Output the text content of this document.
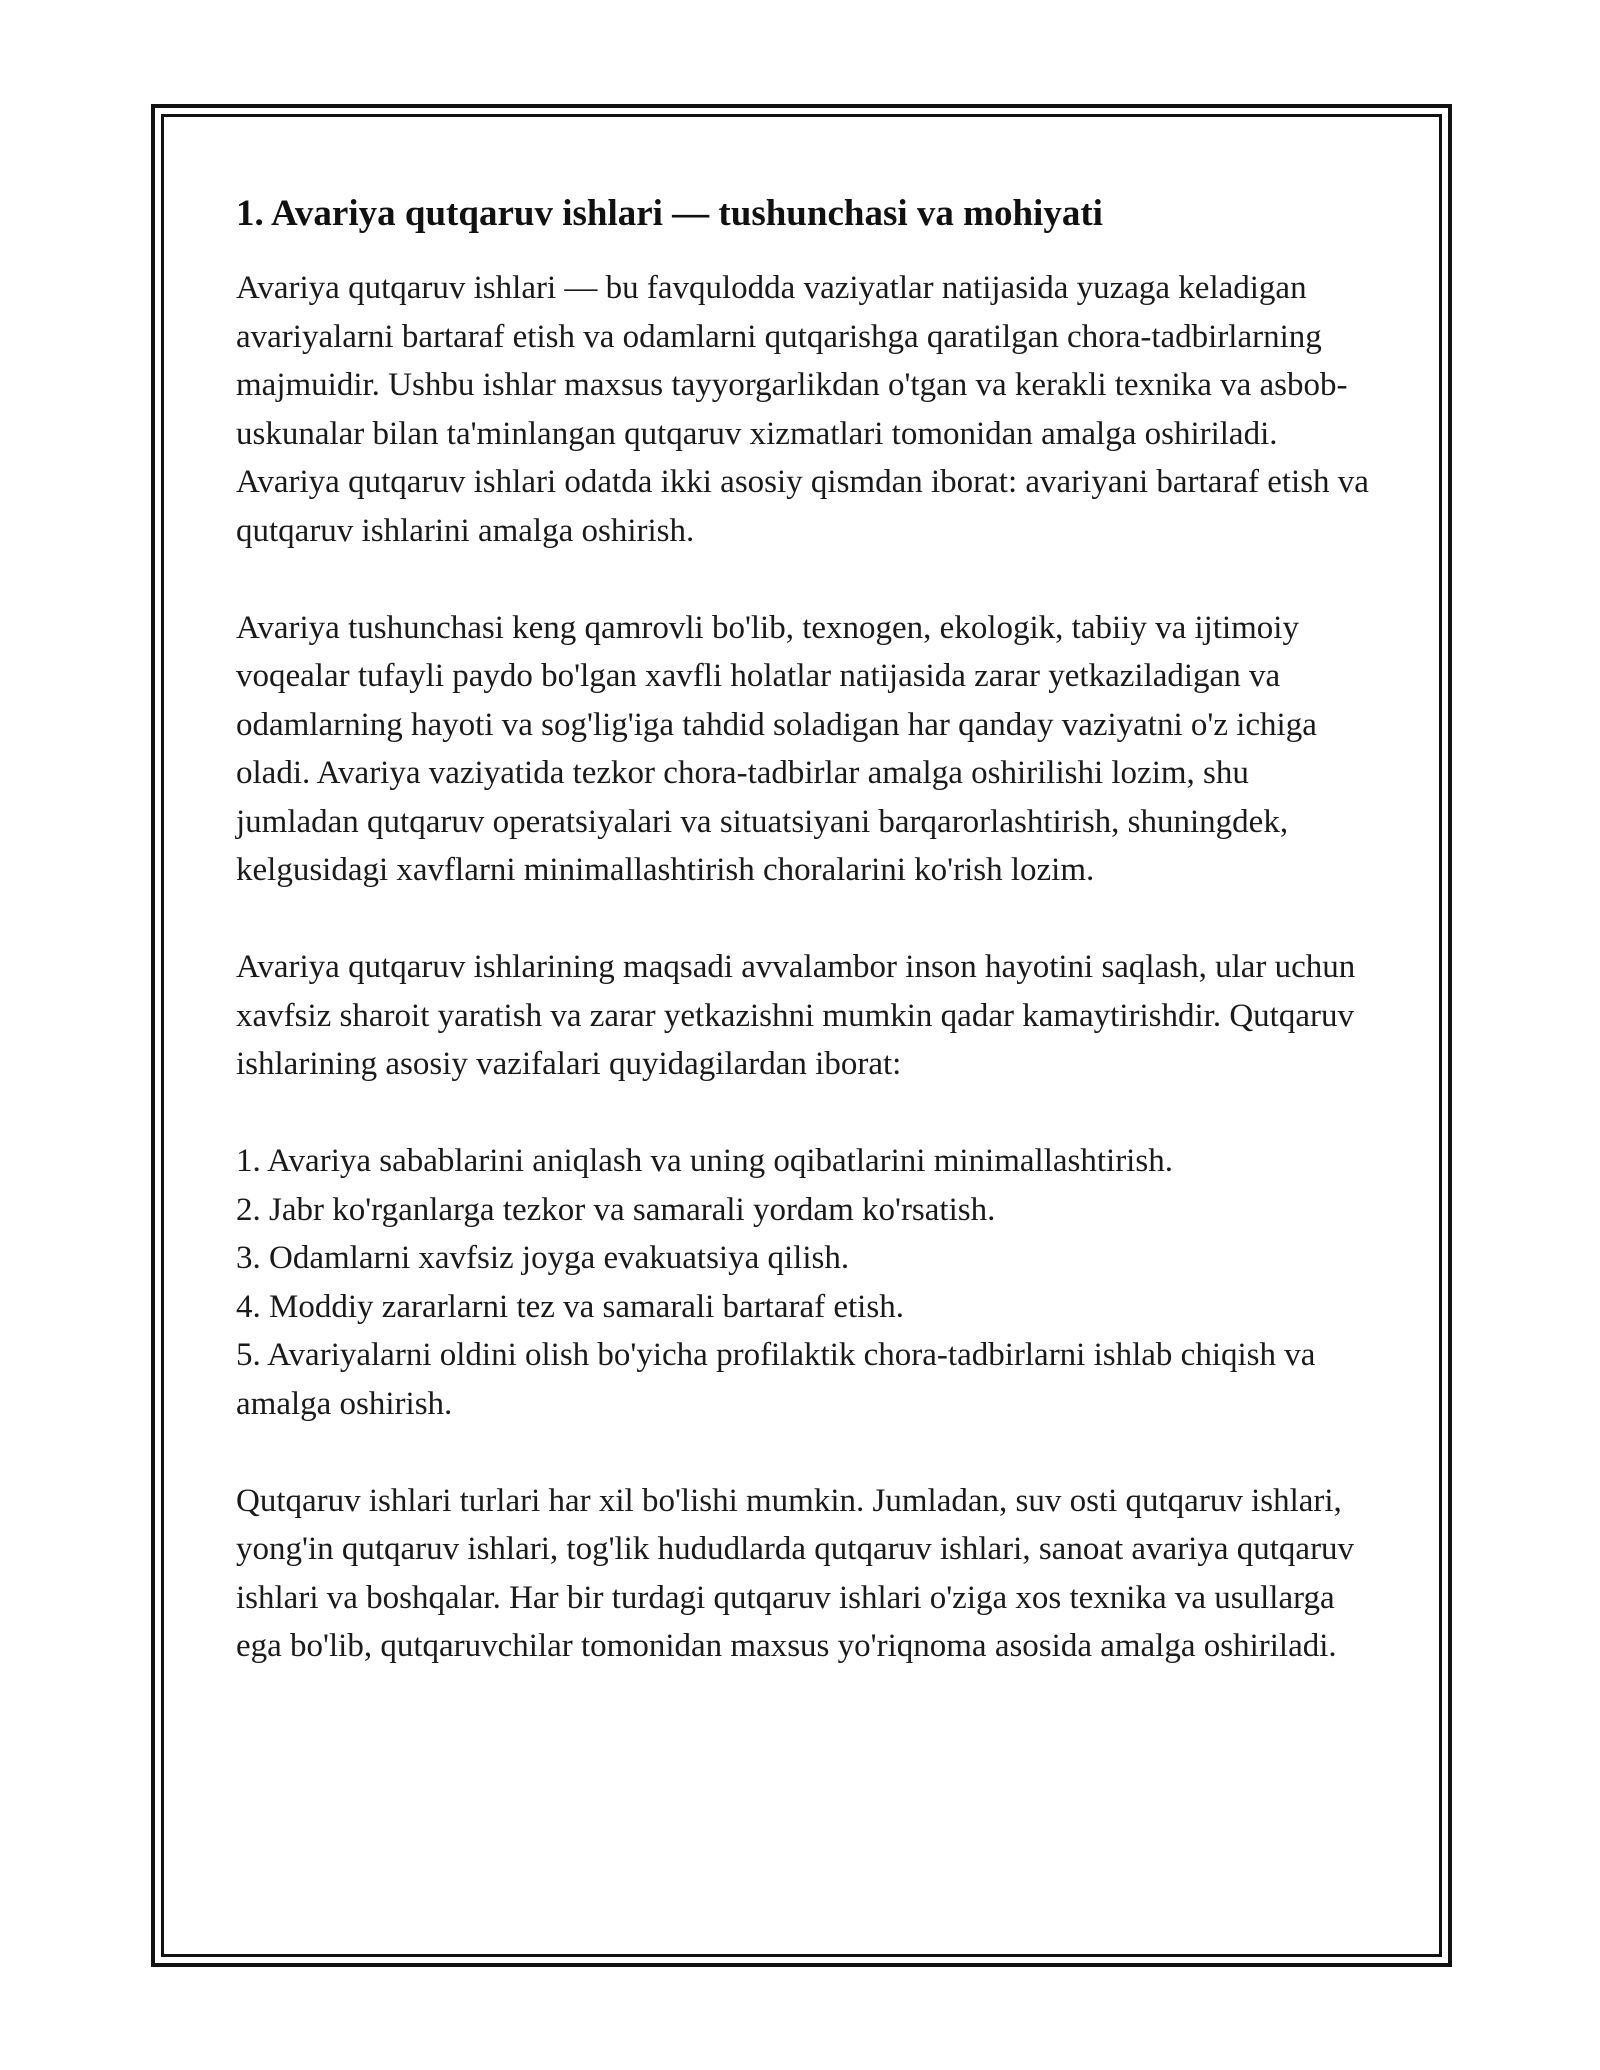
1. Avariya qutqaruv ishlari — tushunchasi va mohiyati

Avariya qutqaruv ishlari — bu favqulodda vaziyatlar natijasida yuzaga keladigan avariyalarni bartaraf etish va odamlarni qutqarishga qaratilgan chora-tadbirlarning majmuidir. Ushbu ishlar maxsus tayyorgarlikdan o'tgan va kerakli texnika va asbob-uskunalar bilan ta'minlangan qutqaruv xizmatlari tomonidan amalga oshiriladi. Avariya qutqaruv ishlari odatda ikki asosiy qismdan iborat: avariyani bartaraf etish va qutqaruv ishlarini amalga oshirish.

Avariya tushunchasi keng qamrovli bo'lib, texnogen, ekologik, tabiiy va ijtimoiy voqealar tufayli paydo bo'lgan xavfli holatlar natijasida zarar yetkaziladigan va odamlarning hayoti va sog'lig'iga tahdid soladigan har qanday vaziyatni o'z ichiga oladi. Avariya vaziyatida tezkor chora-tadbirlar amalga oshirilishi lozim, shu jumladan qutqaruv operatsiyalari va situatsiyani barqarorlashtirish, shuningdek, kelgusidagi xavflarni minimallashtirish choralarini ko'rish lozim.

Avariya qutqaruv ishlarining maqsadi avvalambor inson hayotini saqlash, ular uchun xavfsiz sharoit yaratish va zarar yetkazishni mumkin qadar kamaytirishdir. Qutqaruv ishlarining asosiy vazifalari quyidagilardan iborat:

1. Avariya sabablarini aniqlash va uning oqibatlarini minimallashtirish.
2. Jabr ko'rganlarga tezkor va samarali yordam ko'rsatish.
3. Odamlarni xavfsiz joyga evakuatsiya qilish.
4. Moddiy zararlarni tez va samarali bartaraf etish.
5. Avariyalarni oldini olish bo'yicha profilaktik chora-tadbirlarni ishlab chiqish va amalga oshirish.

Qutqaruv ishlari turlari har xil bo'lishi mumkin. Jumladan, suv osti qutqaruv ishlari, yong'in qutqaruv ishlari, tog'lik hududlarda qutqaruv ishlari, sanoat avariya qutqaruv ishlari va boshqalar. Har bir turdagi qutqaruv ishlari o'ziga xos texnika va usullarga ega bo'lib, qutqaruvchilar tomonidan maxsus yo'riqnoma asosida amalga oshiriladi.
